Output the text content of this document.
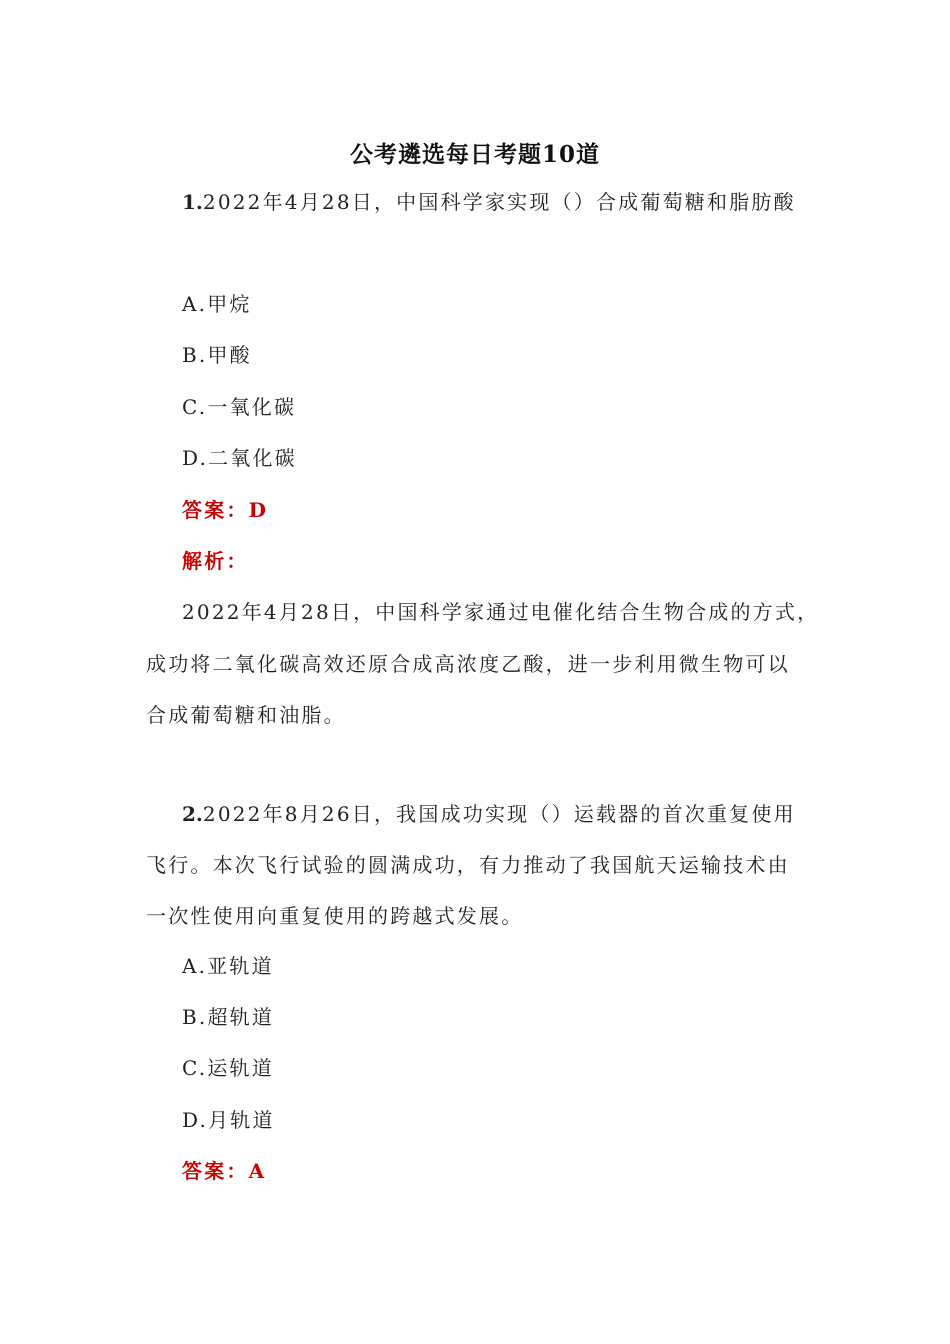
公考遴选每日考题10道
1.2022年4月28日，中国科学家实现（）合成葡萄糖和脂肪酸
A.甲烷
B.甲酸
C.一氧化碳
D.二氧化碳
答案：D
解析：
2022年4月28日，中国科学家通过电催化结合生物合成的方式，
成功将二氧化碳高效还原合成高浓度乙酸，进一步利用微生物可以
合成葡萄糖和油脂。
2.2022年8月26日，我国成功实现（）运载器的首次重复使用
飞行。本次飞行试验的圆满成功，有力推动了我国航天运输技术由
一次性使用向重复使用的跨越式发展。
A.亚轨道
B.超轨道
C.运轨道
D.月轨道
答案：A
